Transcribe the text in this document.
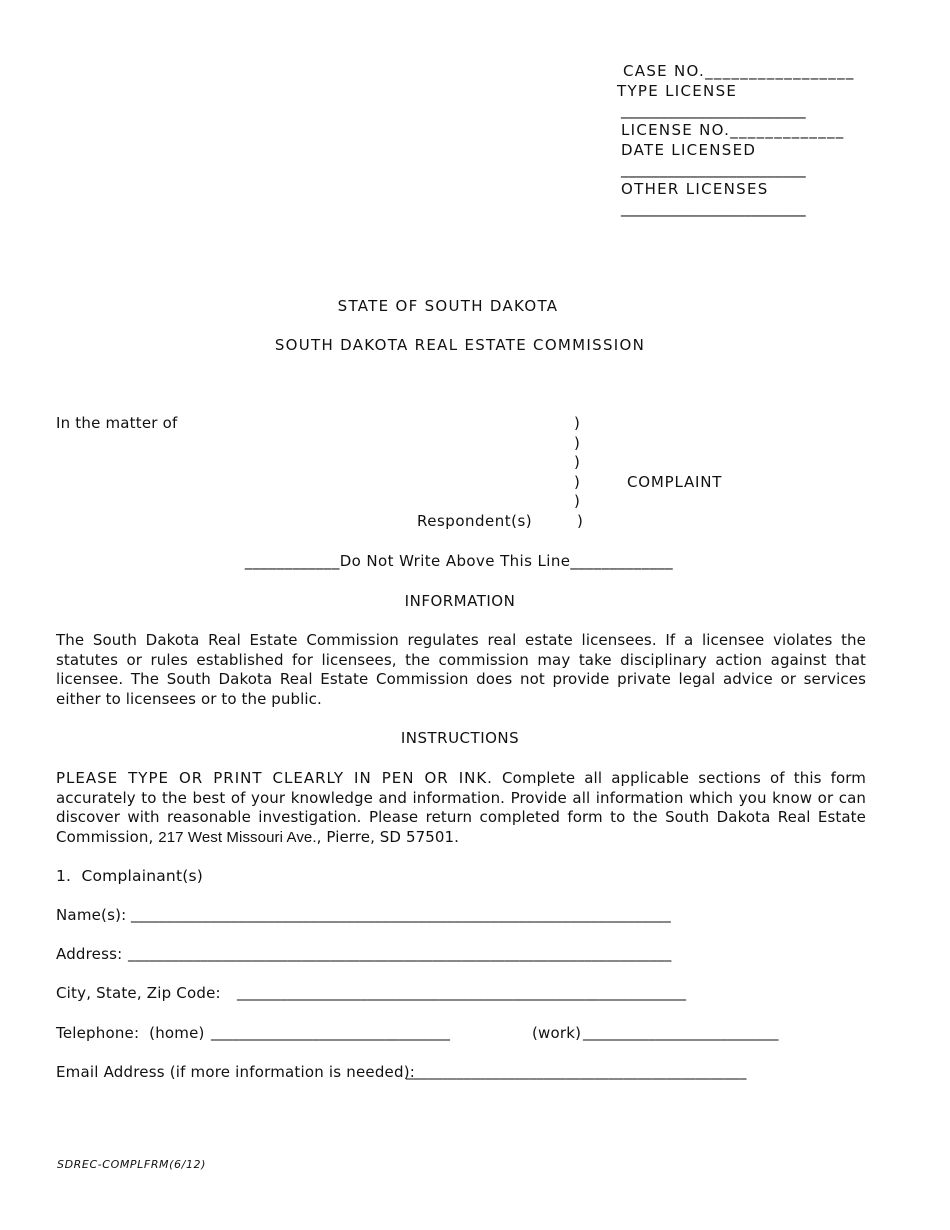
CASE NO._________________
TYPE LICENSE
________________________
LICENSE NO._____________
DATE LICENSED
________________________
OTHER LICENSES
________________________
STATE OF SOUTH DAKOTA
SOUTH DAKOTA REAL ESTATE COMMISSION
In the matter of	)
)
)
)
)
)
COMPLAINT
Respondent(s)
____________Do Not Write Above This Line_____________
INFORMATION
The South Dakota Real Estate Commission regulates real estate licensees. If a licensee violates the statutes or rules established for licensees, the commission may take disciplinary action against that licensee. The South Dakota Real Estate Commission does not provide private legal advice or services either to licensees or to the public.
INSTRUCTIONS
PLEASE TYPE OR PRINT CLEARLY IN PEN OR INK. Complete all applicable sections of this form accurately to the best of your knowledge and information. Provide all information which you know or can discover with reasonable investigation. Please return completed form to the South Dakota Real Estate Commission, 217 West Missouri Ave., Pierre, SD 57501.
1.  Complainant(s)
Name(s): ___________________________________________________________________________
Address: ___________________________________________________________________________
City, State, Zip Code: ______________________________________________________________
Telephone:  (home) _________________________________	(work) ___________________________
Email Address (if more information is needed):
_______________________________________________
SDREC-COMPLFRM(6/12)
